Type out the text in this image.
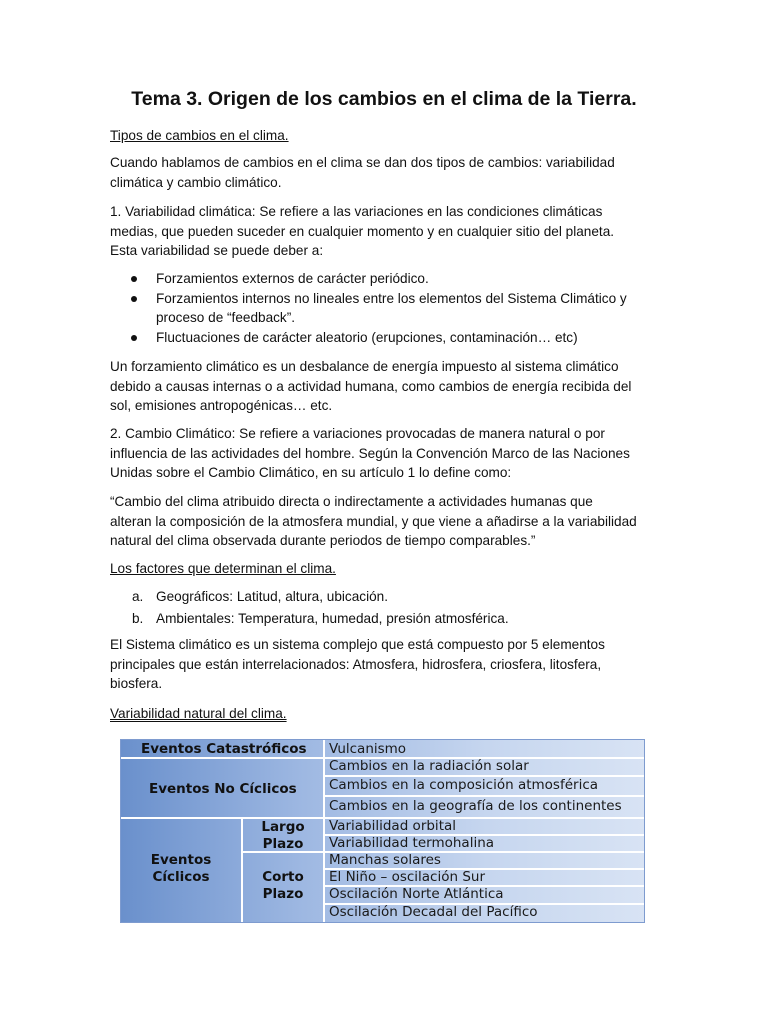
Tema 3. Origen de los cambios en el clima de la Tierra.

Tipos de cambios en el clima.

Cuando hablamos de cambios en el clima se dan dos tipos de cambios: variabilidad
climática y cambio climático.
1. Variabilidad climática: Se refiere a las variaciones en las condiciones climáticas
medias, que pueden suceder en cualquier momento y en cualquier sitio del planeta.
Esta variabilidad se puede deber a:
Forzamientos externos de carácter periódico.
Forzamientos internos no lineales entre los elementos del Sistema Climático y
proceso de “feedback”.
Fluctuaciones de carácter aleatorio (erupciones, contaminación… etc)
Un forzamiento climático es un desbalance de energía impuesto al sistema climático
debido a causas internas o a actividad humana, como cambios de energía recibida del
sol, emisiones antropogénicas… etc.
2. Cambio Climático: Se refiere a variaciones provocadas de manera natural o por
influencia de las actividades del hombre. Según la Convención Marco de las Naciones
Unidas sobre el Cambio Climático, en su artículo 1 lo define como:
“Cambio del clima atribuido directa o indirectamente a actividades humanas que
alteran la composición de la atmosfera mundial, y que viene a añadirse a la variabilidad
natural del clima observada durante periodos de tiempo comparables.”

Los factores que determinan el clima.

a. Geográficos: Latitud, altura, ubicación.
b. Ambientales: Temperatura, humedad, presión atmosférica.
El Sistema climático es un sistema complejo que está compuesto por 5 elementos
principales que están interrelacionados: Atmosfera, hidrosfera, criosfera, litosfera,
biosfera.

Variabilidad natural del clima.

Eventos Catastróficos
Eventos No Cíclicos
Eventos
Cíclicos
Largo
Plazo
Corto
Plazo
Vulcanismo
Cambios en la radiación solar
Cambios en la composición atmosférica
Cambios en la geografía de los continentes
Variabilidad orbital
Variabilidad termohalina
Manchas solares
El Niño – oscilación Sur
Oscilación Norte Atlántica
Oscilación Decadal del Pacífico
